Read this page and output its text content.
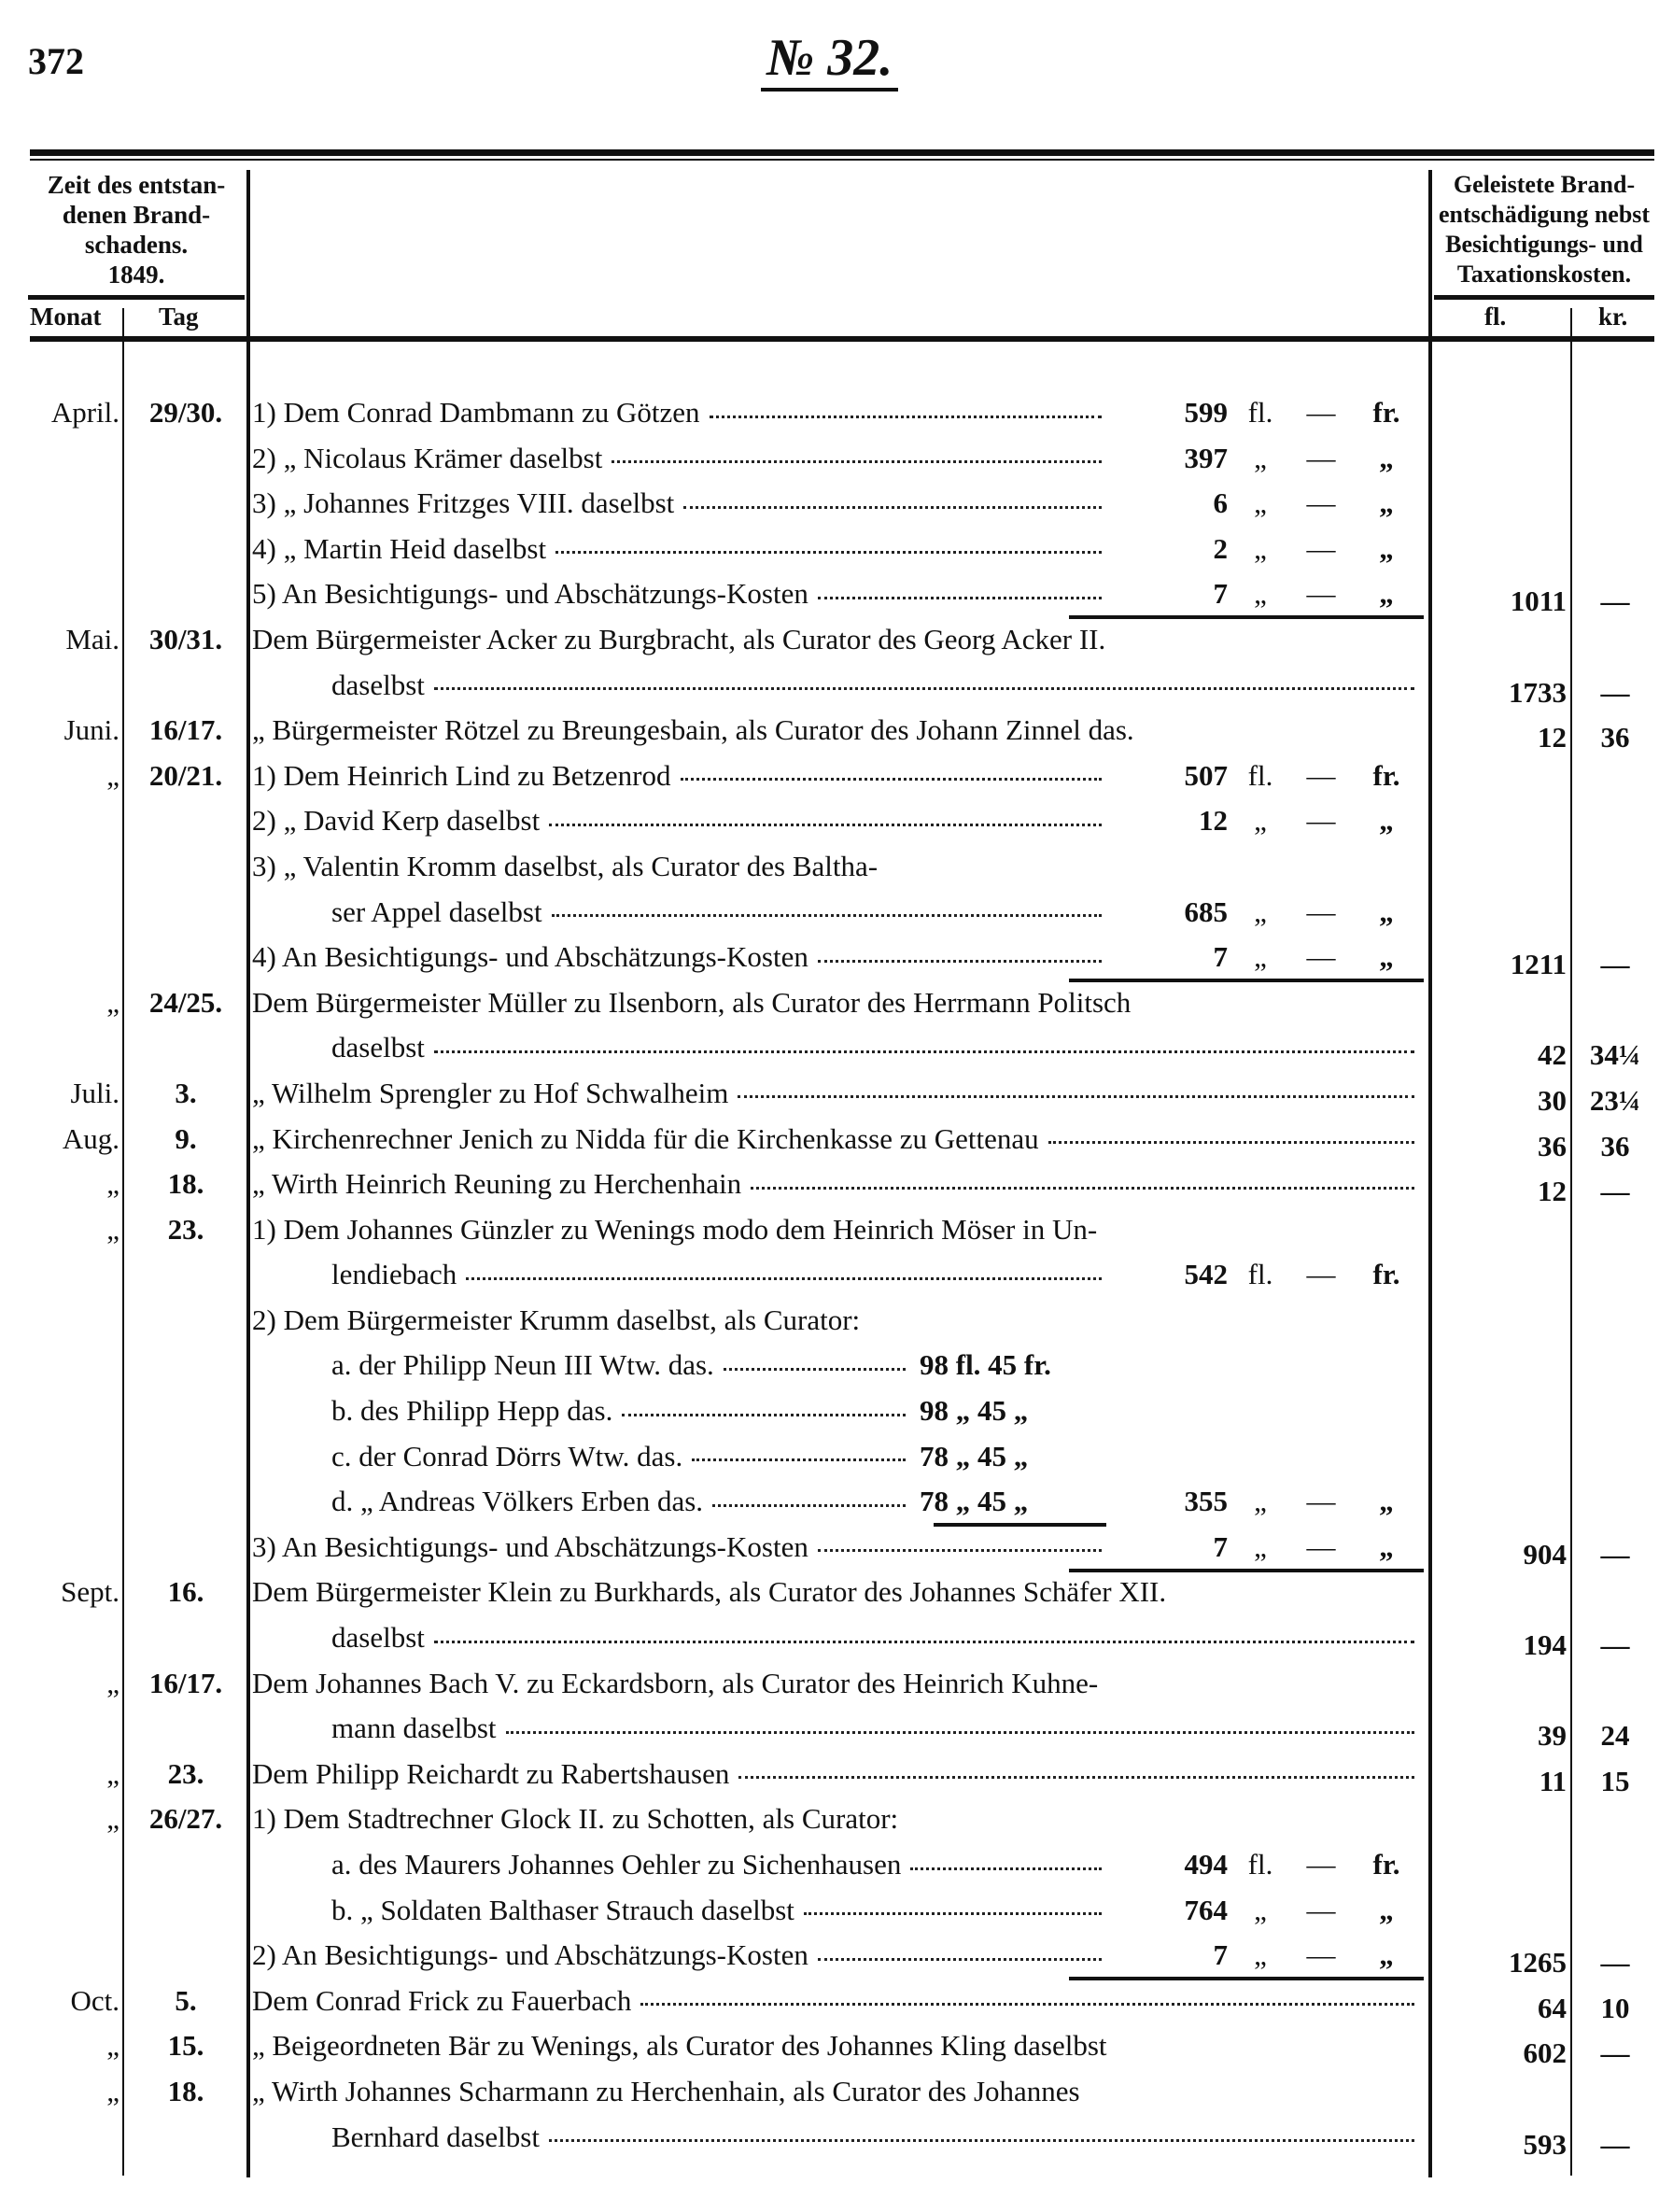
372	№ 32.
Zeit des entstan-
denen Brand-
schadens.
1849.
Monat Tag
Geleistete Brand-
entschädigung nebst
Besichtigungs- und
Taxationskosten.
fl.	kr.
April.	29/30.	1) Dem Conrad Dambmann zu Götzen	599 fl.	—	fr.
2) „ Nicolaus Krämer daselbst	397 „	—	„
3) „ Johannes Fritzges VIII. daselbst	6 „	—	„
4) „ Martin Heid daselbst	2 „	—	„
5) An Besichtigungs- und Abschätzungs-Kosten	7 „	—	„	1011	—
Mai.	30/31.	Dem Bürgermeister Acker zu Burgbracht, als Curator des Georg Acker II.
daselbst	1733	—
Juni.	16/17.	„ Bürgermeister Rötzel zu Breungesbain, als Curator des Johann Zinnel das.	12	36
„	20/21.	1) Dem Heinrich Lind zu Betzenrod	507 fl.	—	fr.
2) „ David Kerp daselbst	12 „	—	„
3) „ Valentin Kromm daselbst, als Curator des Baltha-
ser Appel daselbst	685 „	—	„
4) An Besichtigungs- und Abschätzungs-Kosten	7 „	—	„	1211	—
„	24/25.	Dem Bürgermeister Müller zu Ilsenborn, als Curator des Herrmann Politsch
daselbst	42 34¼
Juli.	3.	„ Wilhelm Sprengler zu Hof Schwalheim	30 23¼
Aug.	9.	„ Kirchenrechner Jenich zu Nidda für die Kirchenkasse zu Gettenau	36	36
„	18.	„ Wirth Heinrich Reuning zu Herchenhain	12	—
„	23.	1) Dem Johannes Günzler zu Wenings modo dem Heinrich Möser in Un-
lendiebach	542 fl.	—	fr.
2) Dem Bürgermeister Krumm daselbst, als Curator:
a. der Philipp Neun III Wtw. das.	98 fl. 45 fr.
b. des Philipp Hepp das.	98 „ 45 „
c. der Conrad Dörrs Wtw. das.	78 „ 45 „
d. „ Andreas Völkers Erben das.	78 „ 45 „	355 „	—	„
3) An Besichtigungs- und Abschätzungs-Kosten	7 „	—	„	904	—
Sept.	16.	Dem Bürgermeister Klein zu Burkhards, als Curator des Johannes Schäfer XII.
daselbst	194	—
„	16/17.	Dem Johannes Bach V. zu Eckardsborn, als Curator des Heinrich Kuhne-
mann daselbst	39	24
„	23.	Dem Philipp Reichardt zu Rabertshausen	11	15
„	26/27.	1) Dem Stadtrechner Glock II. zu Schotten, als Curator:
a. des Maurers Johannes Oehler zu Sichenhausen	494 fl.	—	fr.
b. „ Soldaten Balthaser Strauch daselbst	764 „	—	„
2) An Besichtigungs- und Abschätzungs-Kosten	7 „	—	„	1265	—
Oct.	5.	Dem Conrad Frick zu Fauerbach	64	10
„	15.	„ Beigeordneten Bär zu Wenings, als Curator des Johannes Kling daselbst	602	—
„	18.	„ Wirth Johannes Scharmann zu Herchenhain, als Curator des Johannes
Bernhard daselbst	593	—
